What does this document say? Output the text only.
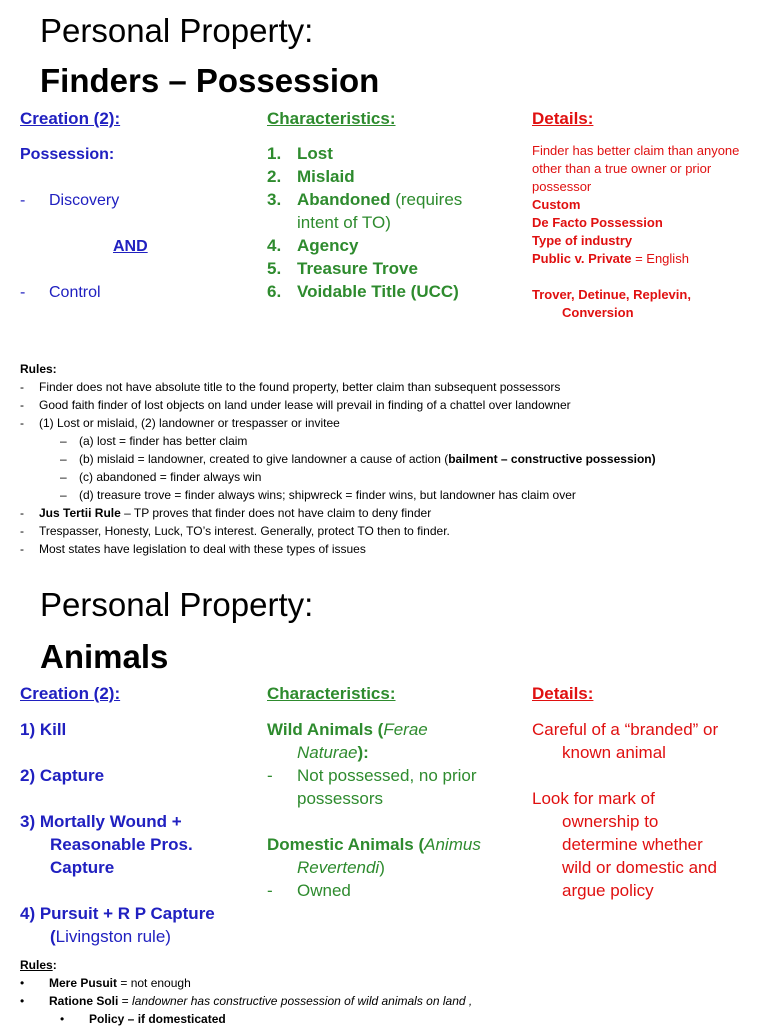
Personal Property:
Finders – Possession
Creation (2):
Possession:
- Discovery
AND
- Control
Characteristics:
1. Lost
2. Mislaid
3. Abandoned (requires intent of TO)
4. Agency
5. Treasure Trove
6. Voidable Title (UCC)
Details:
Finder has better claim than anyone other than a true owner or prior possessor
Custom
De Facto Possession
Type of industry
Public v. Private = English
Trover, Detinue, Replevin,
Conversion
Rules:
- Finder does not have absolute title to the found property, better claim than subsequent possessors
- Good faith finder of lost objects on land under lease will prevail in finding of a chattel over landowner
- (1) Lost or mislaid, (2) landowner or trespasser or invitee
– (a) lost = finder has better claim
– (b) mislaid = landowner, created to give landowner a cause of action (bailment – constructive possession)
– (c) abandoned = finder always win
– (d) treasure trove = finder always wins; shipwreck = finder wins, but landowner has claim over
- Jus Tertii Rule – TP proves that finder does not have claim to deny finder
- Trespasser, Honesty, Luck, TO’s interest. Generally, protect TO then to finder.
- Most states have legislation to deal with these types of issues
Personal Property:
Animals
Creation (2):
1) Kill
2) Capture
3) Mortally Wound +
Reasonable Pros.
Capture
4) Pursuit + R P Capture
(Livingston rule)
Characteristics:
Wild Animals (Ferae
Naturae):
- Not possessed, no prior
possessors
Domestic Animals (Animus
Revertendi)
- Owned
Details:
Careful of a “branded” or
known animal
Look for mark of
ownership to
determine whether
wild or domestic and
argue policy
Rules:
• Mere Pusuit = not enough
• Ratione Soli = landowner has constructive possession of wild animals on land ,
• Policy – if domesticated
